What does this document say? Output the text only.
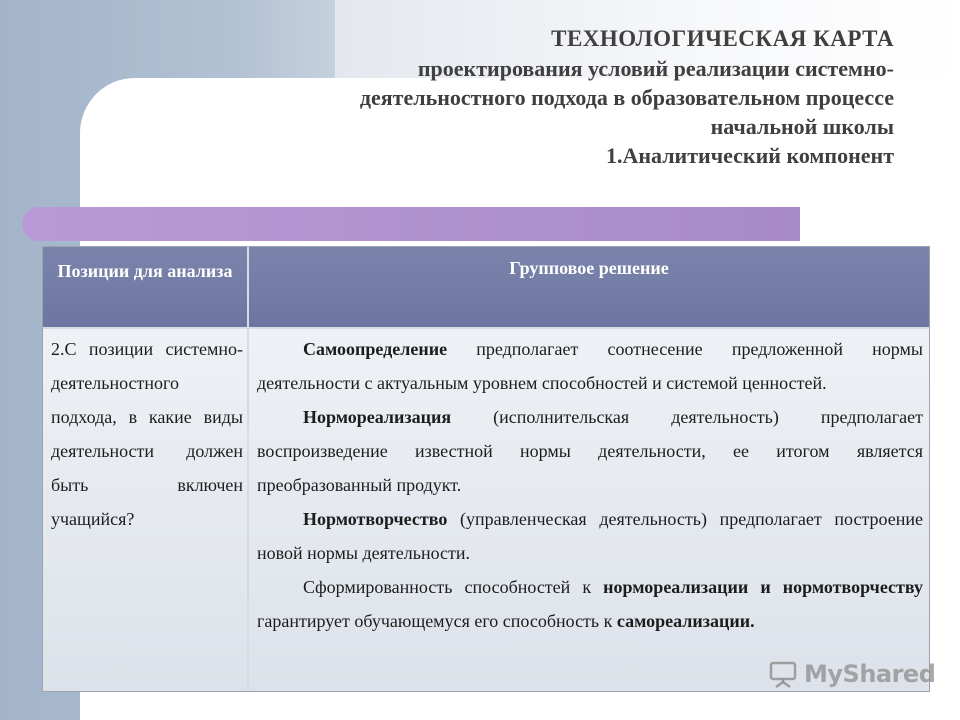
ТЕХНОЛОГИЧЕСКАЯ КАРТА
проектирования условий реализации системно-
деятельностного подхода в образовательном процессе
начальной школы
1.Аналитический компонент
Позиции для анализа	Групповое решение
2.С позиции системно-деятельностного подхода, в какие виды деятельности должен быть включен учащийся?

Самоопределение предполагает соотнесение предложенной нормы деятельности с актуальным уровнем способностей и системой ценностей.

Нормореализация (исполнительская деятельность) предполагает воспроизведение известной нормы деятельности, ее итогом является преобразованный продукт.

Нормотворчество (управленческая деятельность) предполагает построение новой нормы деятельности.

Сформированность способностей к нормореализации и нормотворчеству гарантирует обучающемуся его способность к самореализации.

MyShared
